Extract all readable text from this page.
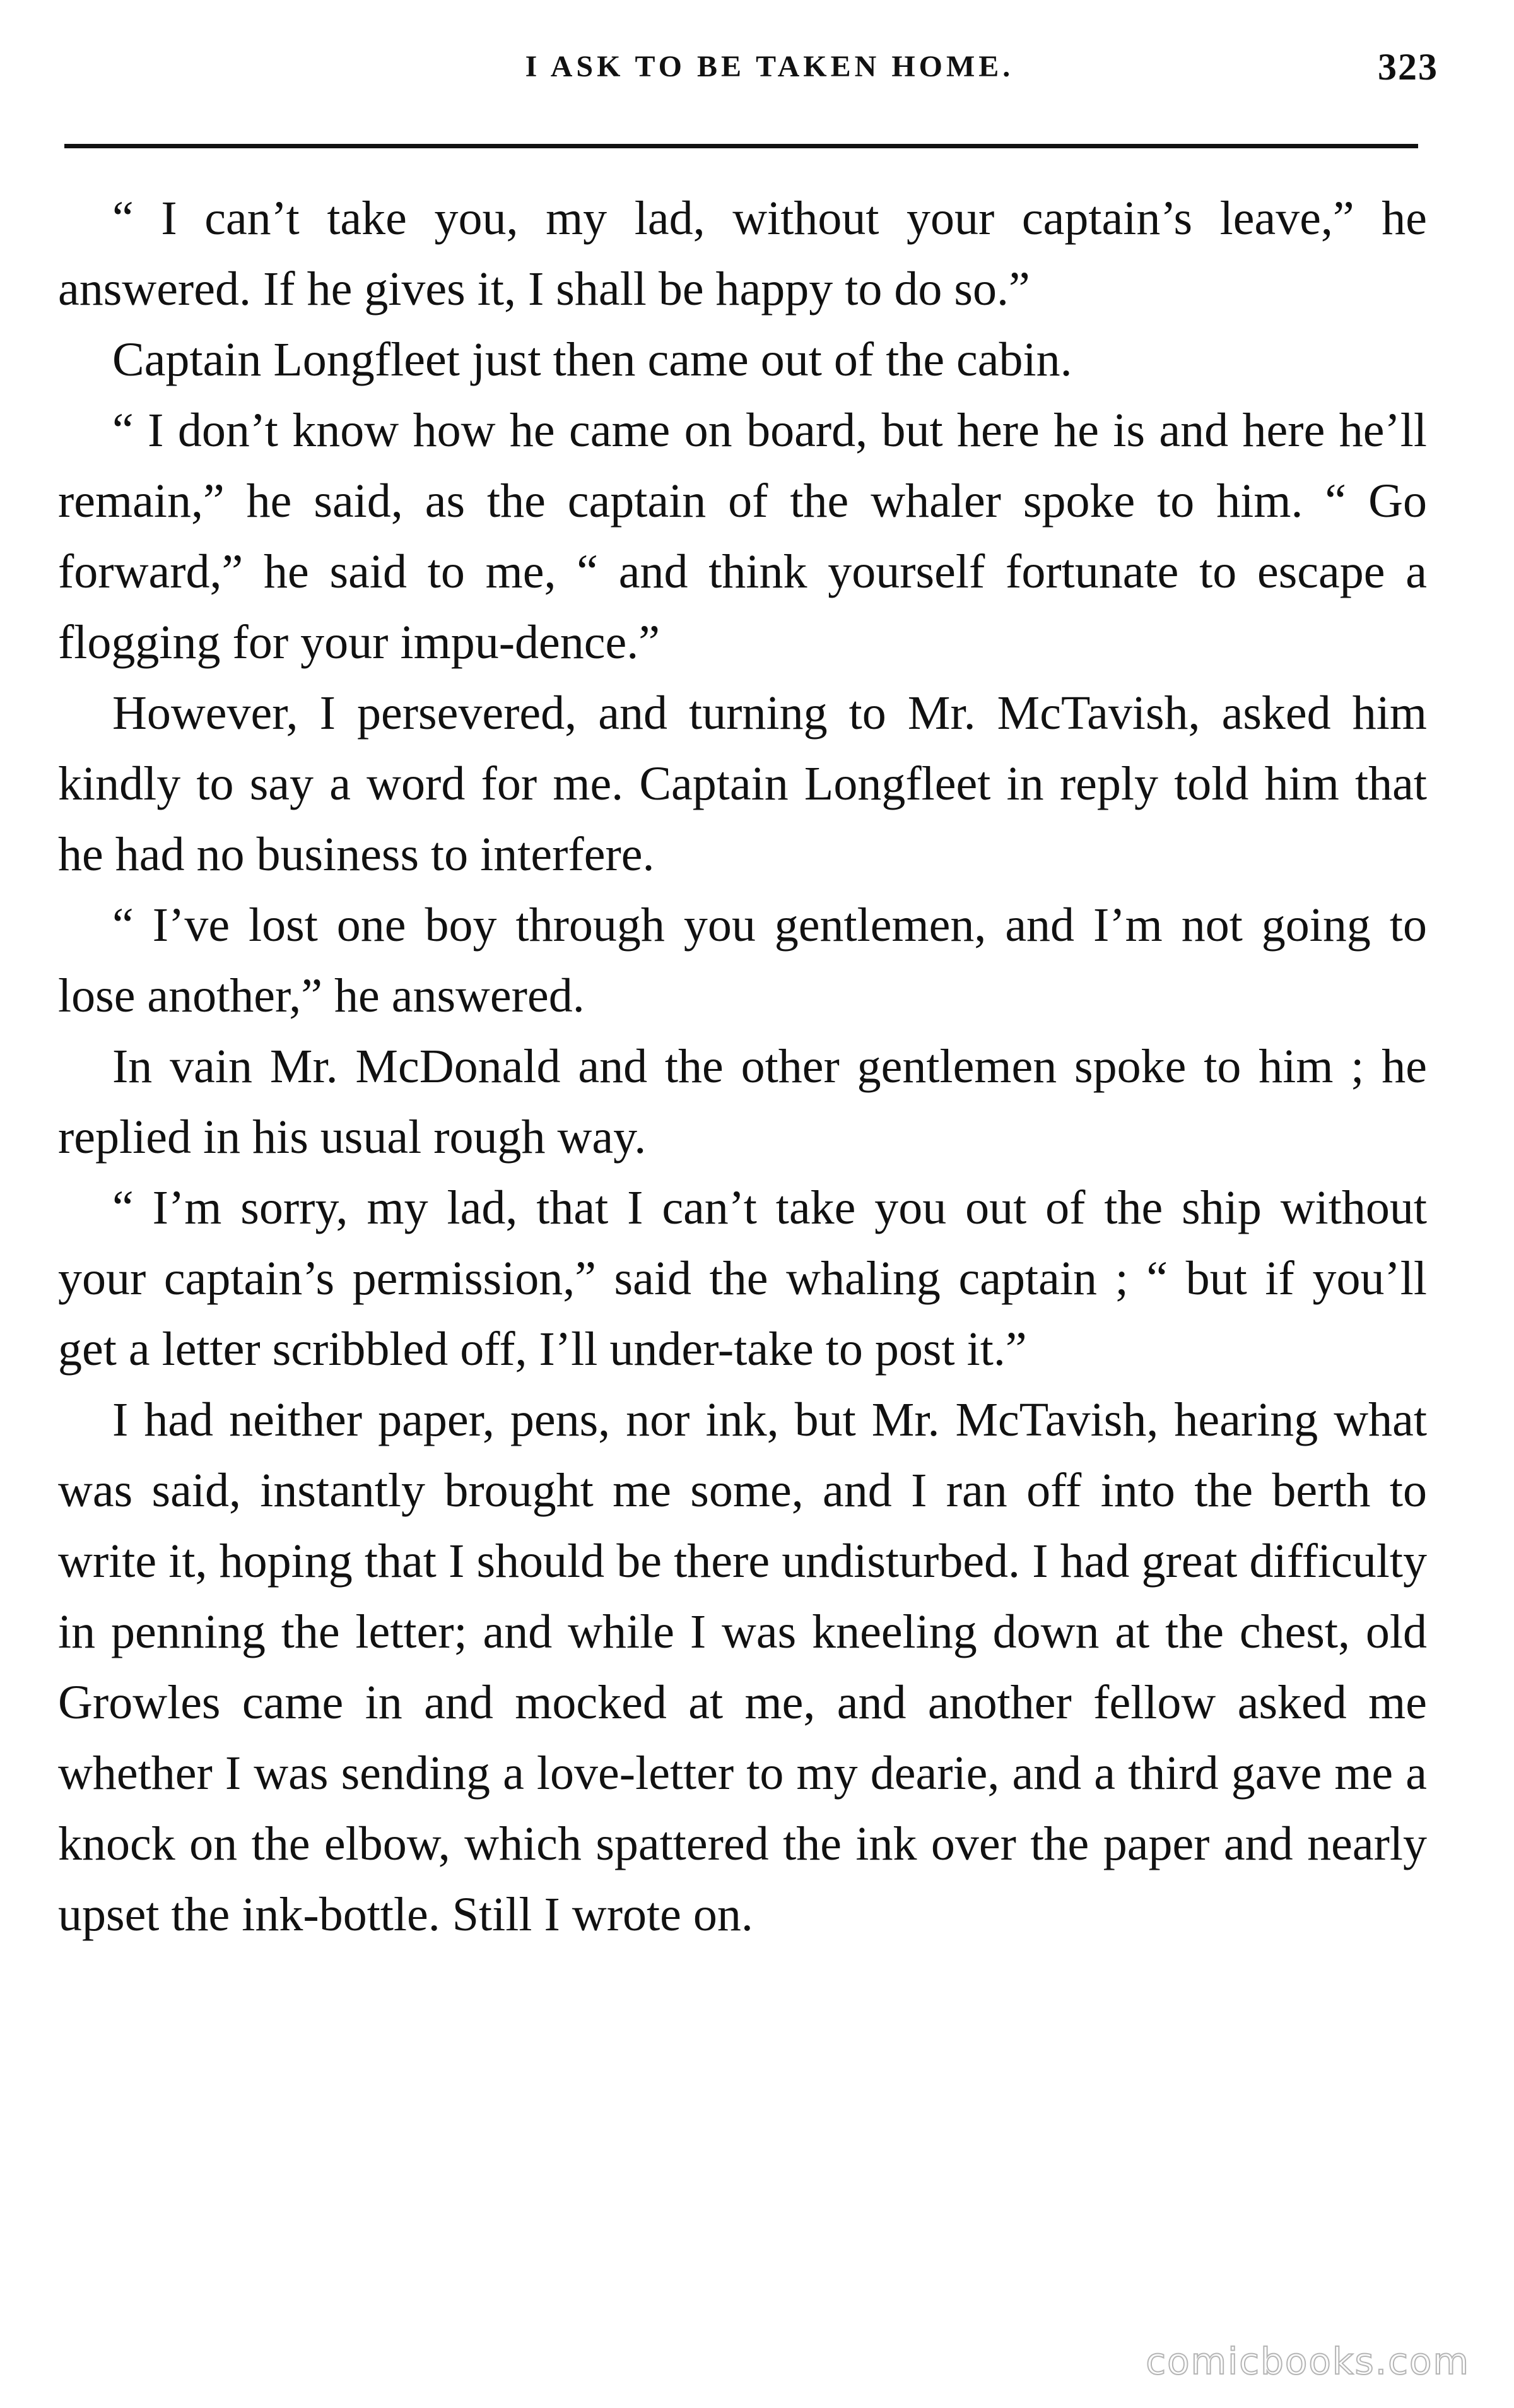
I ASK TO BE TAKEN HOME.	323

“ I can’t take you, my lad, without your captain’s leave,” he answered. If he gives it, I shall be happy to do so.”

Captain Longfleet just then came out of the cabin.

“ I don’t know how he came on board, but here he is and here he’ll remain,” he said, as the captain of the whaler spoke to him. “ Go forward,” he said to me, “ and think yourself fortunate to escape a flogging for your impu-dence.”

However, I persevered, and turning to Mr. McTavish, asked him kindly to say a word for me. Captain Longfleet in reply told him that he had no business to interfere.

“ I’ve lost one boy through you gentlemen, and I’m not going to lose another,” he answered.

In vain Mr. McDonald and the other gentlemen spoke to him ; he replied in his usual rough way.

“ I’m sorry, my lad, that I can’t take you out of the ship without your captain’s permission,” said the whaling captain ; “ but if you’ll get a letter scribbled off, I’ll under-take to post it.”

I had neither paper, pens, nor ink, but Mr. McTavish, hearing what was said, instantly brought me some, and I ran off into the berth to write it, hoping that I should be there undisturbed. I had great difficulty in penning the letter; and while I was kneeling down at the chest, old Growles came in and mocked at me, and another fellow asked me whether I was sending a love-letter to my dearie, and a third gave me a knock on the elbow, which spattered the ink over the paper and nearly upset the ink-bottle. Still I wrote on.

comicbooks.com
